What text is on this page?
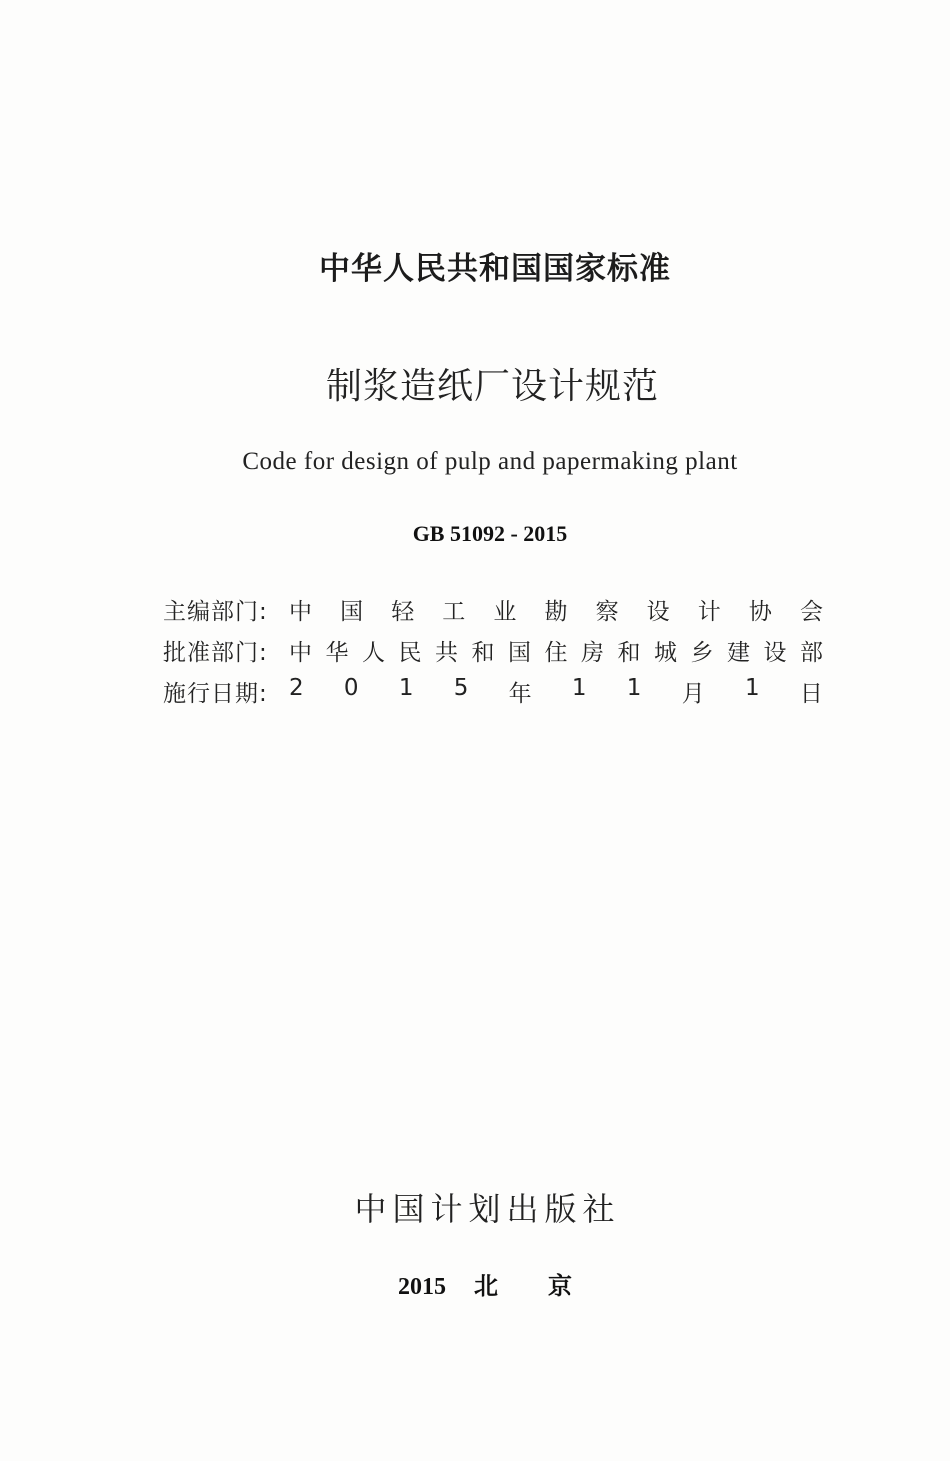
中华人民共和国国家标准
制浆造纸厂设计规范
Code for design of pulp and papermaking plant
GB 51092 - 2015
主编部门: 中 国 轻 工 业 勘 察 设 计 协 会
批准部门: 中 华 人 民 共 和 国 住 房 和 城 乡 建 设 部
施行日期: 2 0 1 5 年 1 1 月 1 日
中国计划出版社
2015 北 京
